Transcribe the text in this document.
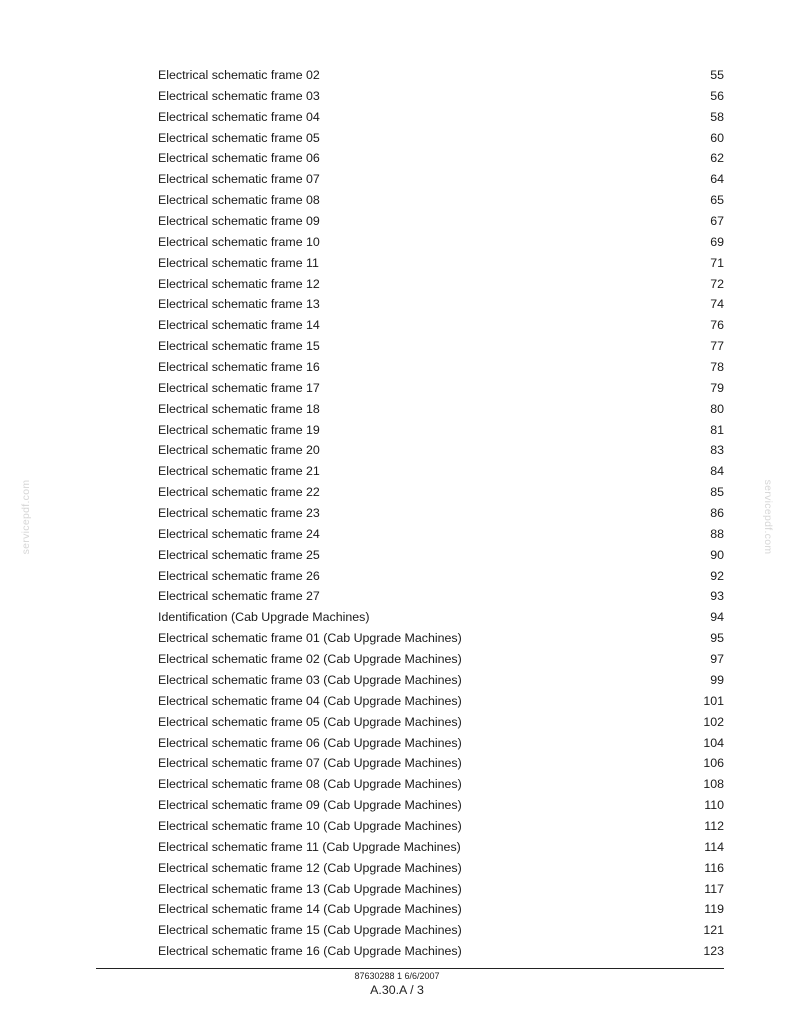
Electrical schematic frame 02	55
Electrical schematic frame 03	56
Electrical schematic frame 04	58
Electrical schematic frame 05	60
Electrical schematic frame 06	62
Electrical schematic frame 07	64
Electrical schematic frame 08	65
Electrical schematic frame 09	67
Electrical schematic frame 10	69
Electrical schematic frame 11	71
Electrical schematic frame 12	72
Electrical schematic frame 13	74
Electrical schematic frame 14	76
Electrical schematic frame 15	77
Electrical schematic frame 16	78
Electrical schematic frame 17	79
Electrical schematic frame 18	80
Electrical schematic frame 19	81
Electrical schematic frame 20	83
Electrical schematic frame 21	84
Electrical schematic frame 22	85
Electrical schematic frame 23	86
Electrical schematic frame 24	88
Electrical schematic frame 25	90
Electrical schematic frame 26	92
Electrical schematic frame 27	93
Identification (Cab Upgrade Machines)	94
Electrical schematic frame 01 (Cab Upgrade Machines)	95
Electrical schematic frame 02 (Cab Upgrade Machines)	97
Electrical schematic frame 03 (Cab Upgrade Machines)	99
Electrical schematic frame 04 (Cab Upgrade Machines)	101
Electrical schematic frame 05 (Cab Upgrade Machines)	102
Electrical schematic frame 06 (Cab Upgrade Machines)	104
Electrical schematic frame 07 (Cab Upgrade Machines)	106
Electrical schematic frame 08 (Cab Upgrade Machines)	108
Electrical schematic frame 09 (Cab Upgrade Machines)	110
Electrical schematic frame 10 (Cab Upgrade Machines)	112
Electrical schematic frame 11 (Cab Upgrade Machines)	114
Electrical schematic frame 12 (Cab Upgrade Machines)	116
Electrical schematic frame 13 (Cab Upgrade Machines)	117
Electrical schematic frame 14 (Cab Upgrade Machines)	119
Electrical schematic frame 15 (Cab Upgrade Machines)	121
Electrical schematic frame 16 (Cab Upgrade Machines)	123
servicepdf.com	servicepdf.com
87630288 1 6/6/2007
A.30.A / 3
